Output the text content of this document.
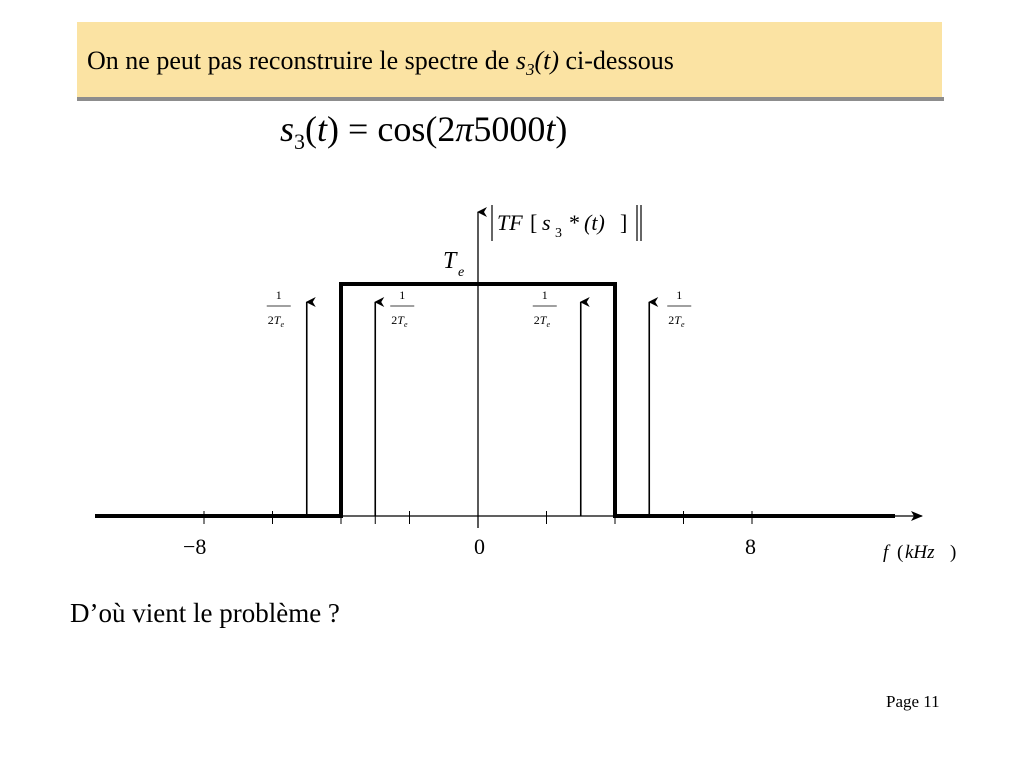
On ne peut pas reconstruire le spectre de $s_3(t)$ ci-dessous
$s_3(t) = \cos(2\pi 5000t)$
TF [ s 3 * (t) ]
T e
1
$2T_e$
1
$2T_e$
1
$2T_e$
1
$2T_e$
−8	0	8	f ( kHz )
D’où vient le problème ?
Page 11
